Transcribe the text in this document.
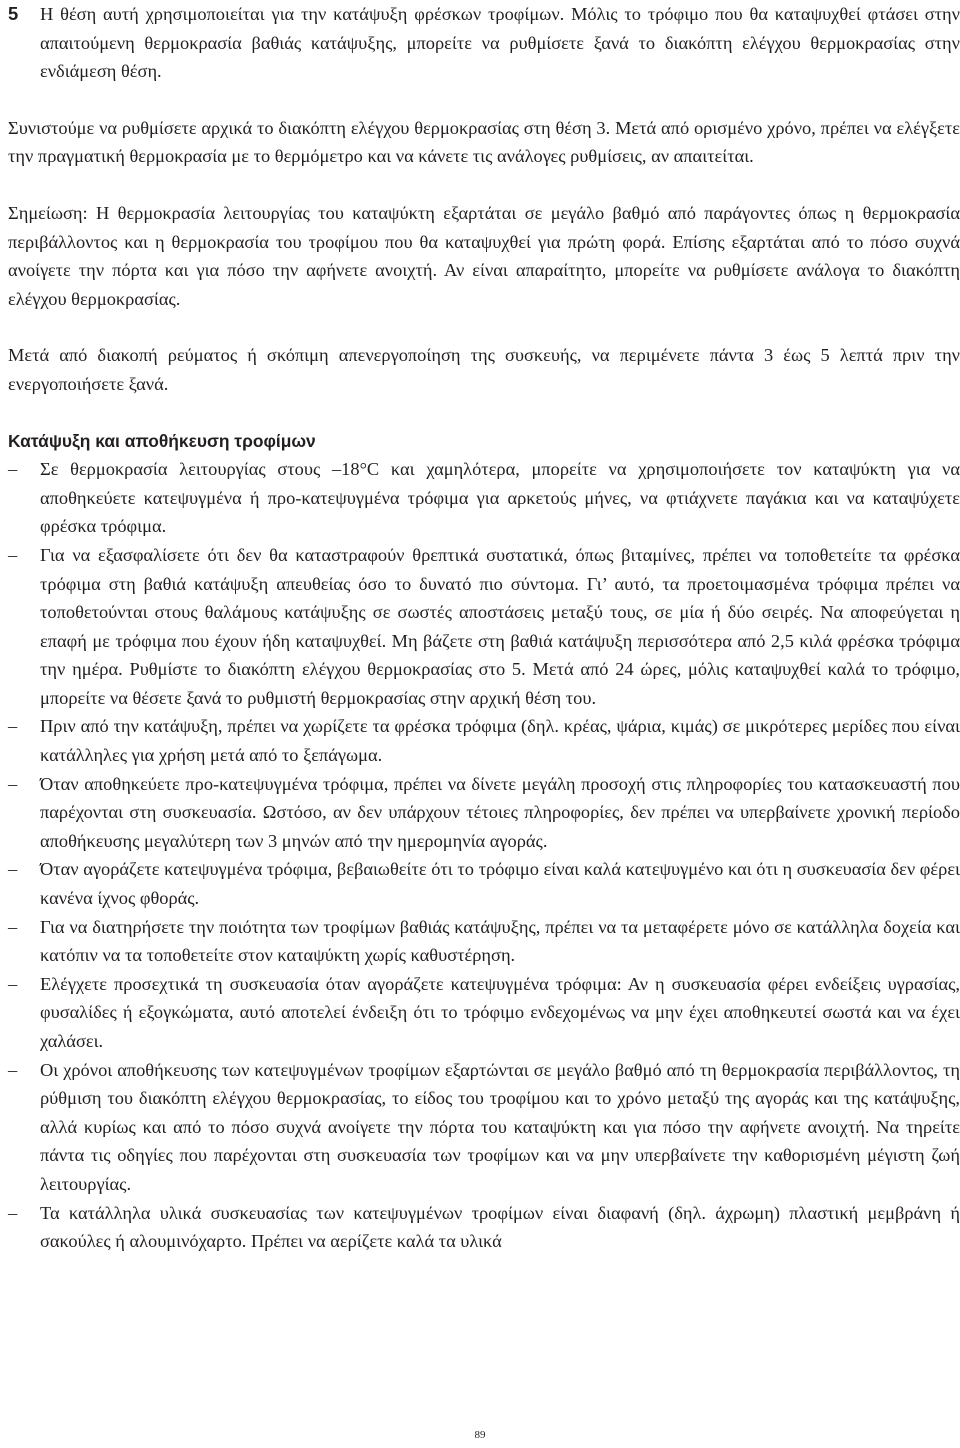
5	Η θέση αυτή χρησιμοποιείται για την κατάψυξη φρέσκων τροφίμων. Μόλις το τρόφιμο που θα καταψυχθεί φτάσει στην απαιτούμενη θερμοκρασία βαθιάς κατάψυξης, μπορείτε να ρυθμίσετε ξανά το διακόπτη ελέγχου θερμοκρασίας στην ενδιάμεση θέση.

Συνιστούμε να ρυθμίσετε αρχικά το διακόπτη ελέγχου θερμοκρασίας στη θέση 3. Μετά από ορισμένο χρόνο, πρέπει να ελέγξετε την πραγματική θερμοκρασία με το θερμόμετρο και να κάνετε τις ανάλογες ρυθμίσεις, αν απαιτείται.

Σημείωση: Η θερμοκρασία λειτουργίας του καταψύκτη εξαρτάται σε μεγάλο βαθμό από παράγοντες όπως η θερμοκρασία περιβάλλοντος και η θερμοκρασία του τροφίμου που θα καταψυχθεί για πρώτη φορά. Επίσης εξαρτάται από το πόσο συχνά ανοίγετε την πόρτα και για πόσο την αφήνετε ανοιχτή. Αν είναι απαραίτητο, μπορείτε να ρυθμίσετε ανάλογα το διακόπτη ελέγχου θερμοκρασίας.

Μετά από διακοπή ρεύματος ή σκόπιμη απενεργοποίηση της συσκευής, να περιμένετε πάντα 3 έως 5 λεπτά πριν την ενεργοποιήσετε ξανά.

Κατάψυξη και αποθήκευση τροφίμων
–	Σε θερμοκρασία λειτουργίας στους –18°C και χαμηλότερα, μπορείτε να χρησιμοποιήσετε τον καταψύκτη για να αποθηκεύετε κατεψυγμένα ή προ-κατεψυγμένα τρόφιμα για αρκετούς μήνες, να φτιάχνετε παγάκια και να καταψύχετε φρέσκα τρόφιμα.
–	Για να εξασφαλίσετε ότι δεν θα καταστραφούν θρεπτικά συστατικά, όπως βιταμίνες, πρέπει να τοποθετείτε τα φρέσκα τρόφιμα στη βαθιά κατάψυξη απευθείας όσο το δυνατό πιο σύντομα. Γι’ αυτό, τα προετοιμασμένα τρόφιμα πρέπει να τοποθετούνται στους θαλάμους κατάψυξης σε σωστές αποστάσεις μεταξύ τους, σε μία ή δύο σειρές. Να αποφεύγεται η επαφή με τρόφιμα που έχουν ήδη καταψυχθεί. Μη βάζετε στη βαθιά κατάψυξη περισσότερα από 2,5 κιλά φρέσκα τρόφιμα την ημέρα. Ρυθμίστε το διακόπτη ελέγχου θερμοκρασίας στο 5. Μετά από 24 ώρες, μόλις καταψυχθεί καλά το τρόφιμο, μπορείτε να θέσετε ξανά το ρυθμιστή θερμοκρασίας στην αρχική θέση του.
–	Πριν από την κατάψυξη, πρέπει να χωρίζετε τα φρέσκα τρόφιμα (δηλ. κρέας, ψάρια, κιμάς) σε μικρότερες μερίδες που είναι κατάλληλες για χρήση μετά από το ξεπάγωμα.
–	Όταν αποθηκεύετε προ-κατεψυγμένα τρόφιμα, πρέπει να δίνετε μεγάλη προσοχή στις πληροφορίες του κατασκευαστή που παρέχονται στη συσκευασία. Ωστόσο, αν δεν υπάρχουν τέτοιες πληροφορίες, δεν πρέπει να υπερβαίνετε χρονική περίοδο αποθήκευσης μεγαλύτερη των 3 μηνών από την ημερομηνία αγοράς.
–	Όταν αγοράζετε κατεψυγμένα τρόφιμα, βεβαιωθείτε ότι το τρόφιμο είναι καλά κατεψυγμένο και ότι η συσκευασία δεν φέρει κανένα ίχνος φθοράς.
–	Για να διατηρήσετε την ποιότητα των τροφίμων βαθιάς κατάψυξης, πρέπει να τα μεταφέρετε μόνο σε κατάλληλα δοχεία και κατόπιν να τα τοποθετείτε στον καταψύκτη χωρίς καθυστέρηση.
–	Ελέγχετε προσεχτικά τη συσκευασία όταν αγοράζετε κατεψυγμένα τρόφιμα: Αν η συσκευασία φέρει ενδείξεις υγρασίας, φυσαλίδες ή εξογκώματα, αυτό αποτελεί ένδειξη ότι το τρόφιμο ενδεχομένως να μην έχει αποθηκευτεί σωστά και να έχει χαλάσει.
–	Οι χρόνοι αποθήκευσης των κατεψυγμένων τροφίμων εξαρτώνται σε μεγάλο βαθμό από τη θερμοκρασία περιβάλλοντος, τη ρύθμιση του διακόπτη ελέγχου θερμοκρασίας, το είδος του τροφίμου και το χρόνο μεταξύ της αγοράς και της κατάψυξης, αλλά κυρίως και από το πόσο συχνά ανοίγετε την πόρτα του καταψύκτη και για πόσο την αφήνετε ανοιχτή. Να τηρείτε πάντα τις οδηγίες που παρέχονται στη συσκευασία των τροφίμων και να μην υπερβαίνετε την καθορισμένη μέγιστη ζωή λειτουργίας.
–	Τα κατάλληλα υλικά συσκευασίας των κατεψυγμένων τροφίμων είναι διαφανή (δηλ. άχρωμη) πλαστική μεμβράνη ή σακούλες ή αλουμινόχαρτο. Πρέπει να αερίζετε καλά τα υλικά
89
